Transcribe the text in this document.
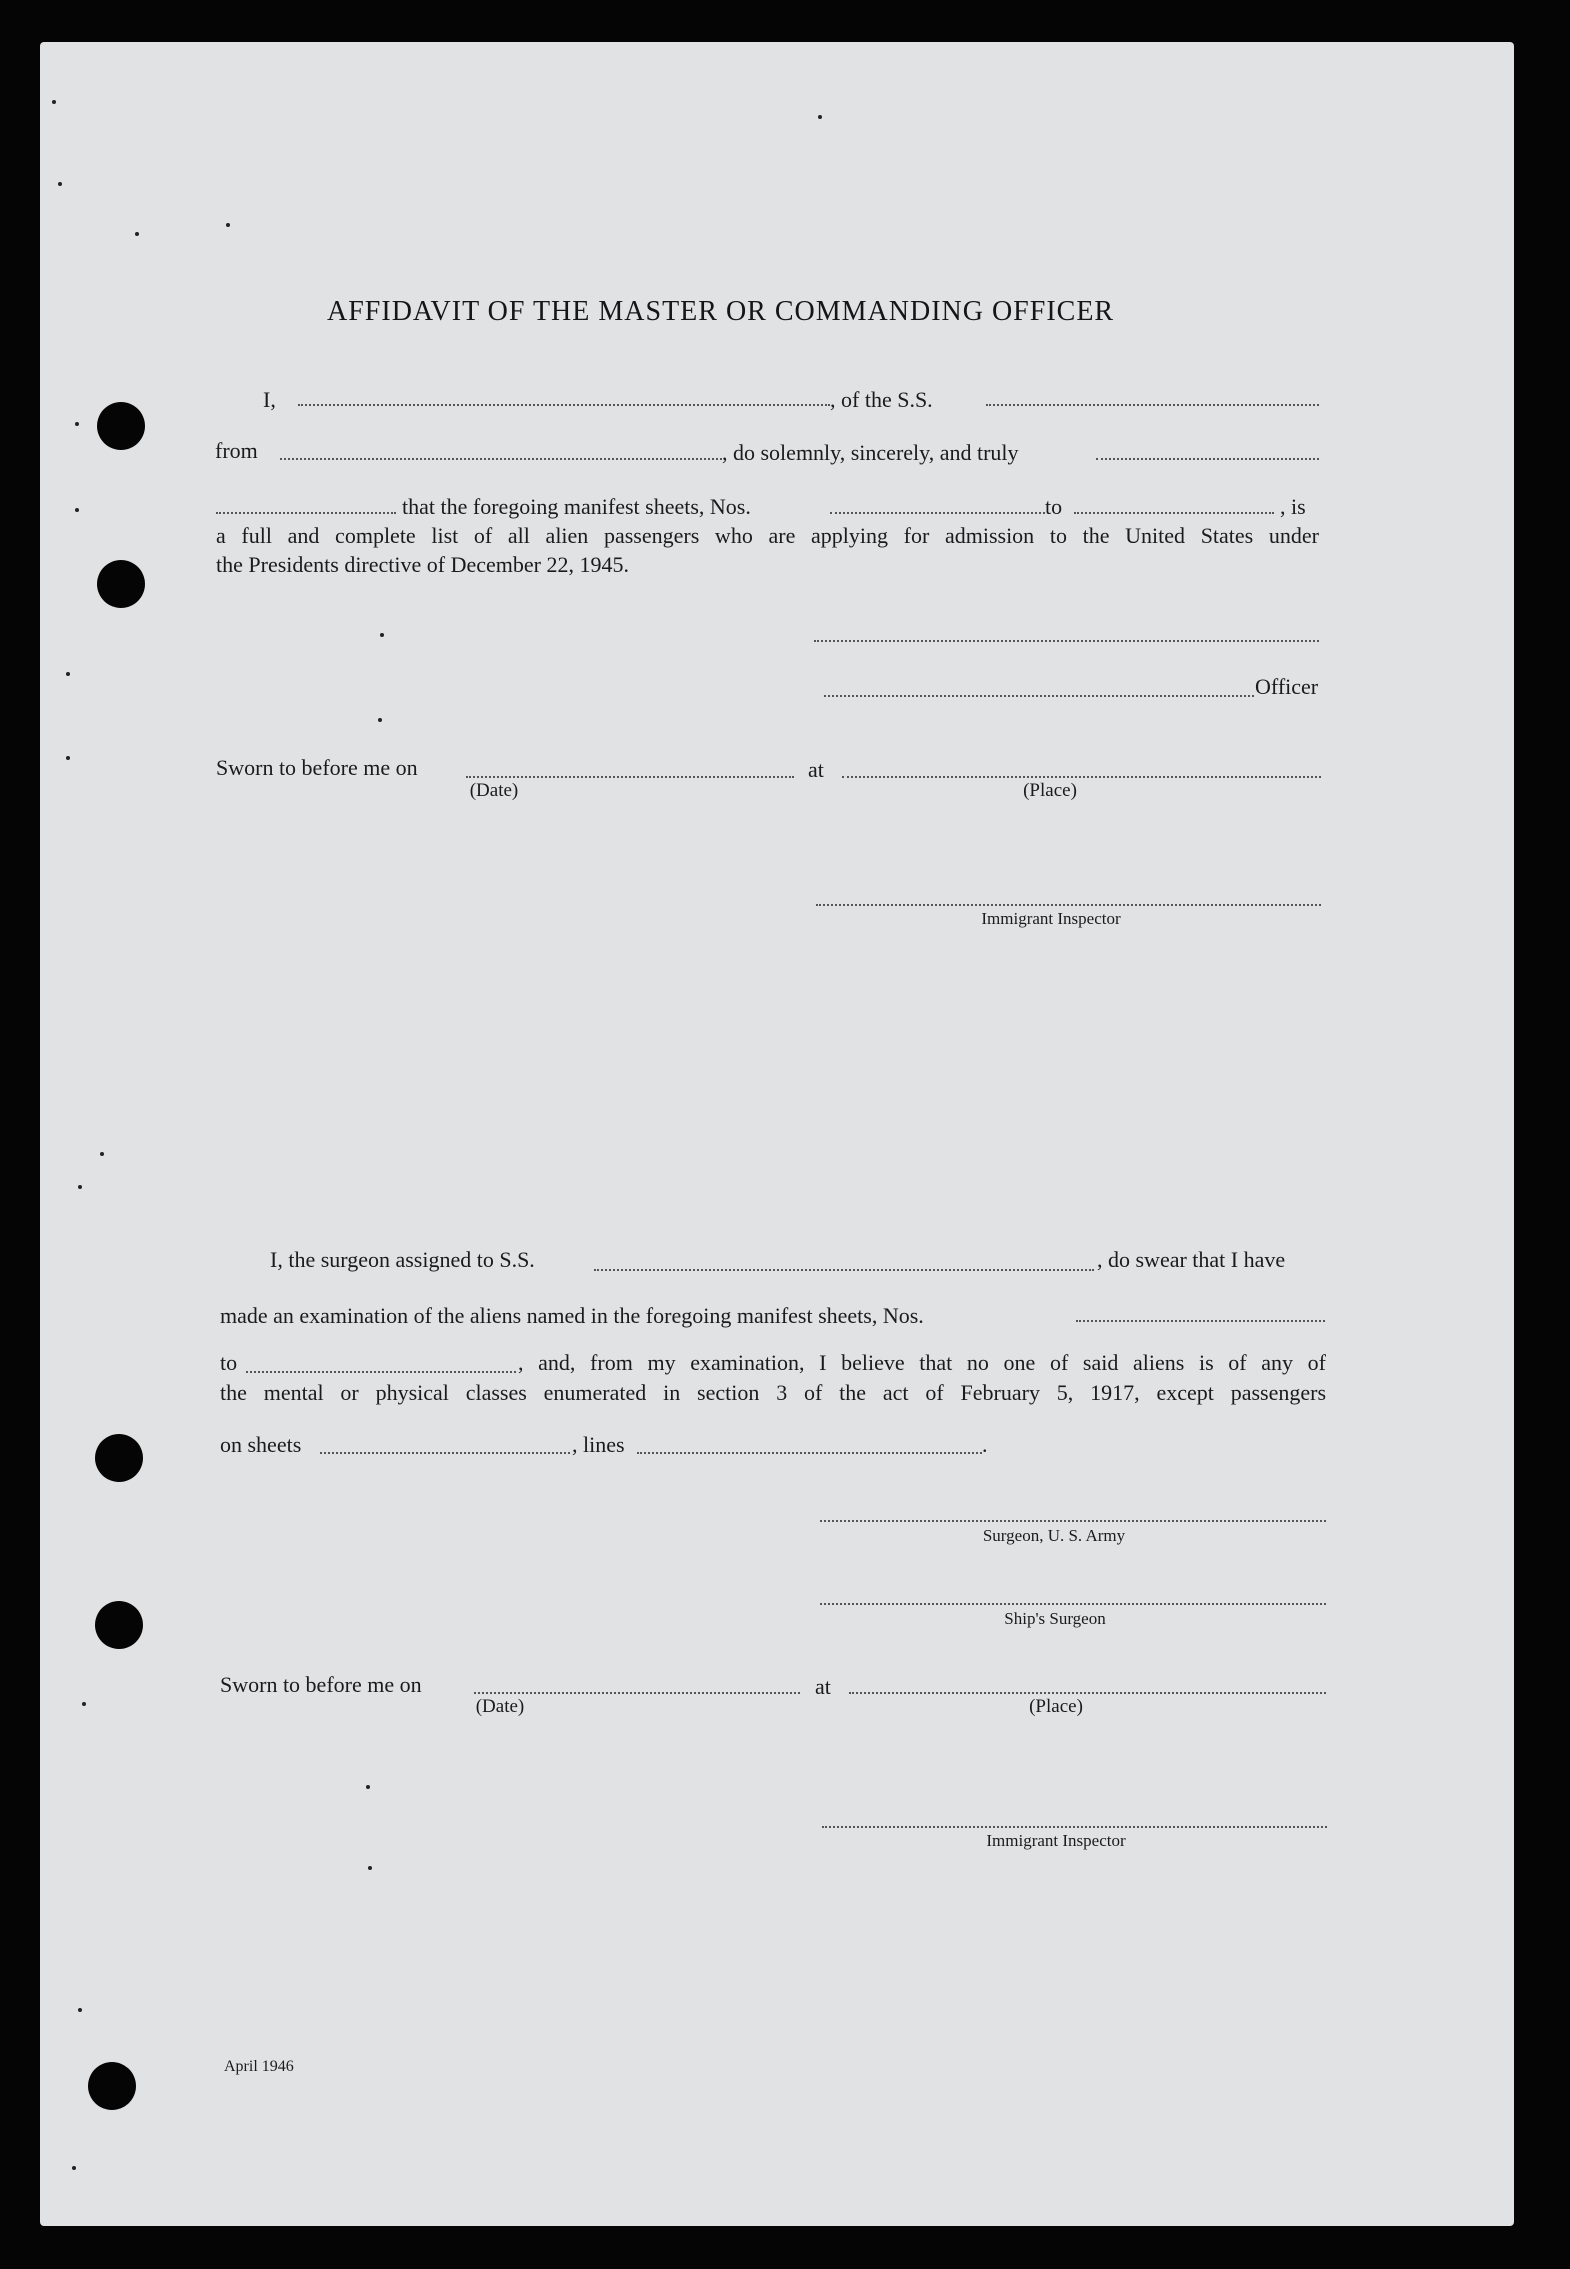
AFFIDAVIT OF THE MASTER OR COMMANDING OFFICER
I,	, of the S.S.
from	, do solemnly, sincerely, and truly
that the foregoing manifest sheets, Nos.	to	, is
a full and complete list of all alien passengers who are applying for admission to the United States under
the Presidents directive of December 22, 1945.
Officer
Sworn to before me on	at
(Date)	(Place)
Immigrant Inspector
I, the surgeon assigned to S.S.	, do swear that I have
made an examination of the aliens named in the foregoing manifest sheets, Nos.
to	, and, from my examination, I believe that no one of said aliens is of any of
the mental or physical classes enumerated in section 3 of the act of February 5, 1917, except passengers
on sheets	, lines	.
Surgeon, U. S. Army
Ship's Surgeon
Sworn to before me on	at
(Date)	(Place)
Immigrant Inspector
April 1946
